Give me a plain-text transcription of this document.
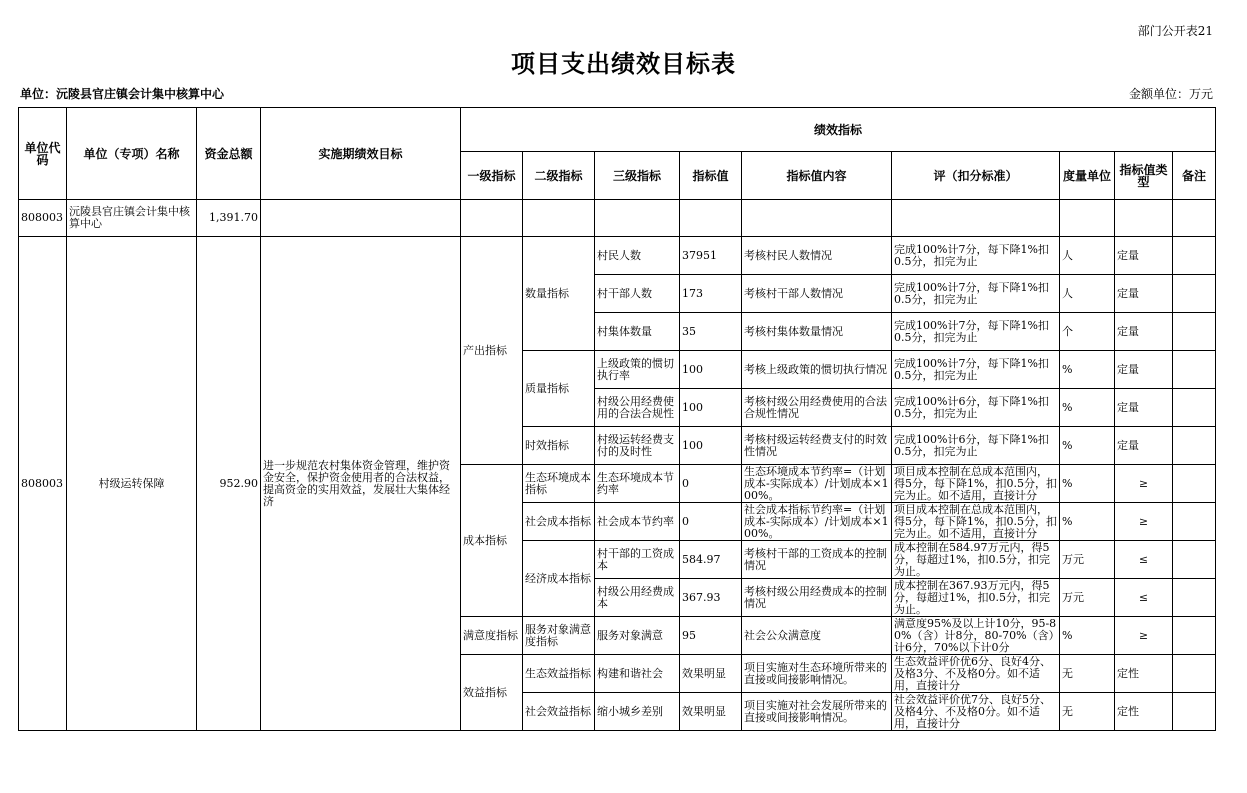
部门公开表21
项目支出绩效目标表
单位：沅陵县官庄镇会计集中核算中心	金额单位：万元
单位代码	单位（专项）名称	资金总额	实施期绩效目标	绩效指标								
				一级指标	二级指标	三级指标	指标值	指标值内容	评（扣分标准）	度量单位	指标值类型	备注
808003	沅陵县官庄镇会计集中核算中心	1,391.70										
808003	村级运转保障	952.90	进一步规范农村集体资金管理，维护资金安全，保护资金使用者的合法权益，提高资金的实用效益，发展壮大集体经济	产出指标	数量指标	村民人数	37951	考核村民人数情况	完成100%计7分，每下降1%扣0.5分，扣完为止	人	定量	
						村干部人数	173	考核村干部人数情况	完成100%计7分，每下降1%扣0.5分，扣完为止	人	定量	
						村集体数量	35	考核村集体数量情况	完成100%计7分，每下降1%扣0.5分，扣完为止	个	定量	
					质量指标	上级政策的惯切执行率	100	考核上级政策的惯切执行情况	完成100%计7分，每下降1%扣0.5分，扣完为止	%	定量	
						村级公用经费使用的合法合规性	100	考核村级公用经费使用的合法合规性情况	完成100%计6分，每下降1%扣0.5分，扣完为止	%	定量	
					时效指标	村级运转经费支付的及时性	100	考核村级运转经费支付的时效性情况	完成100%计6分，每下降1%扣0.5分，扣完为止	%	定量	
				成本指标	生态环境成本指标	生态环境成本节约率	0	生态环境成本节约率=（计划成本-实际成本）/计划成本×100%。	项目成本控制在总成本范围内，得5分，每下降1%，扣0.5分，扣完为止。如不适用，直接计分	%	≥	
					社会成本指标	社会成本节约率	0	社会成本指标节约率=（计划成本-实际成本）/计划成本×100%。	项目成本控制在总成本范围内，得5分，每下降1%，扣0.5分，扣完为止。如不适用，直接计分	%	≥	
					经济成本指标	村干部的工资成本	584.97	考核村干部的工资成本的控制情况	成本控制在584.97万元内，得5分，每超过1%，扣0.5分，扣完为止。	万元	≤	
						村级公用经费成本	367.93	考核村级公用经费成本的控制情况	成本控制在367.93万元内，得5分，每超过1%，扣0.5分，扣完为止。	万元	≤	
				满意度指标	服务对象满意度指标	服务对象满意	95	社会公众满意度	满意度95%及以上计10分，95-80%（含）计8分，80-70%（含）计6分，70%以下计0分	%	≥	
				效益指标	生态效益指标	构建和谐社会	效果明显	项目实施对生态环境所带来的直接或间接影响情况。	生态效益评价优6分、良好4分、及格3分、不及格0分。如不适用，直接计分	无	定性	
					社会效益指标	缩小城乡差别	效果明显	项目实施对社会发展所带来的直接或间接影响情况。	社会效益评价优7分、良好5分、及格4分、不及格0分。如不适用，直接计分	无	定性	
